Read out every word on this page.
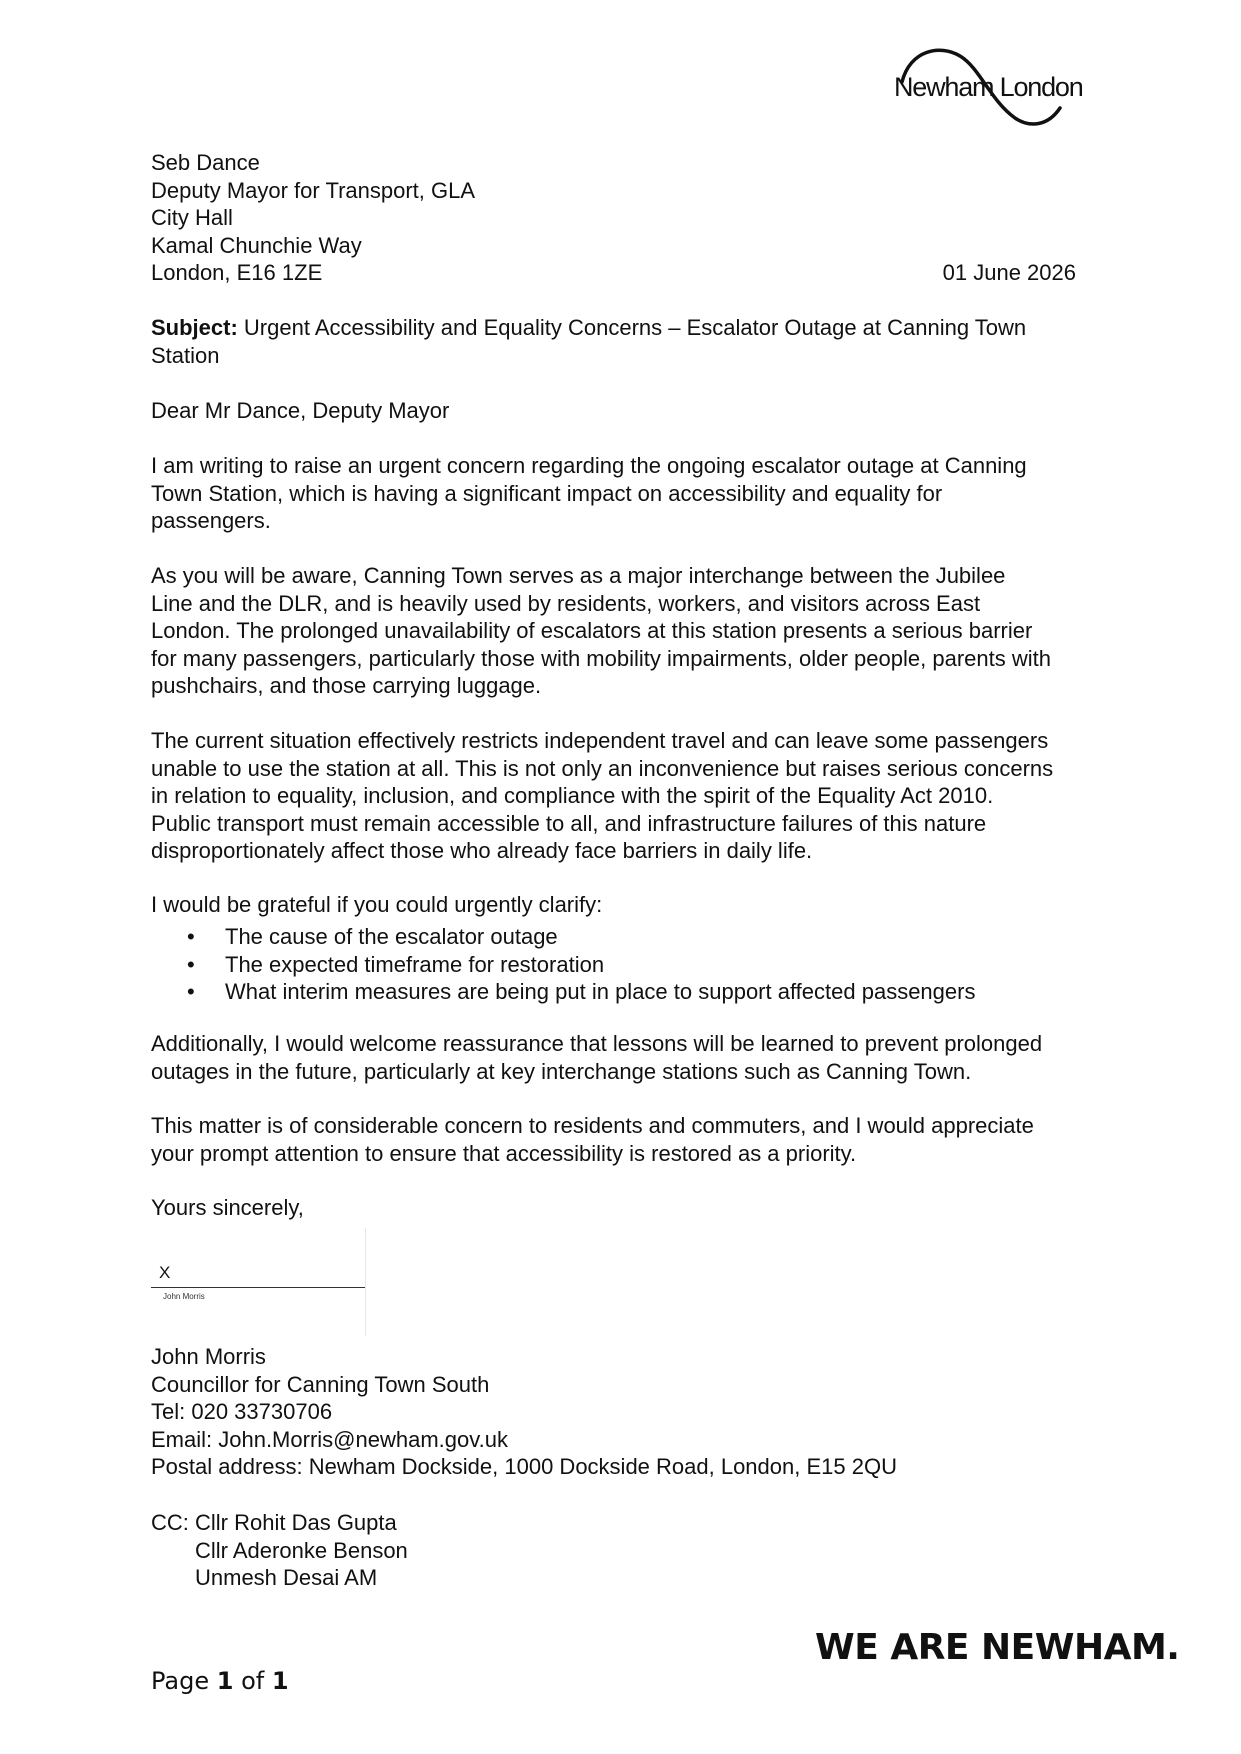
Newham London
Seb Dance
Deputy Mayor for Transport, GLA
City Hall
Kamal Chunchie Way
London, E16 1ZE	01 June 2026
Subject: Urgent Accessibility and Equality Concerns – Escalator Outage at Canning Town
Station
Dear Mr Dance, Deputy Mayor
I am writing to raise an urgent concern regarding the ongoing escalator outage at Canning
Town Station, which is having a significant impact on accessibility and equality for
passengers.
As you will be aware, Canning Town serves as a major interchange between the Jubilee
Line and the DLR, and is heavily used by residents, workers, and visitors across East
London. The prolonged unavailability of escalators at this station presents a serious barrier
for many passengers, particularly those with mobility impairments, older people, parents with
pushchairs, and those carrying luggage.
The current situation effectively restricts independent travel and can leave some passengers
unable to use the station at all. This is not only an inconvenience but raises serious concerns
in relation to equality, inclusion, and compliance with the spirit of the Equality Act 2010.
Public transport must remain accessible to all, and infrastructure failures of this nature
disproportionately affect those who already face barriers in daily life.
I would be grateful if you could urgently clarify:
• The cause of the escalator outage
• The expected timeframe for restoration
• What interim measures are being put in place to support affected passengers
Additionally, I would welcome reassurance that lessons will be learned to prevent prolonged
outages in the future, particularly at key interchange stations such as Canning Town.
This matter is of considerable concern to residents and commuters, and I would appreciate
your prompt attention to ensure that accessibility is restored as a priority.
Yours sincerely,
X
John Morris
John Morris
Councillor for Canning Town South
Tel: 020 33730706
Email: John.Morris@newham.gov.uk
Postal address: Newham Dockside, 1000 Dockside Road, London, E15 2QU
CC: Cllr Rohit Das Gupta
Cllr Aderonke Benson
Unmesh Desai AM
WE ARE NEWHAM.
Page 1 of 1
